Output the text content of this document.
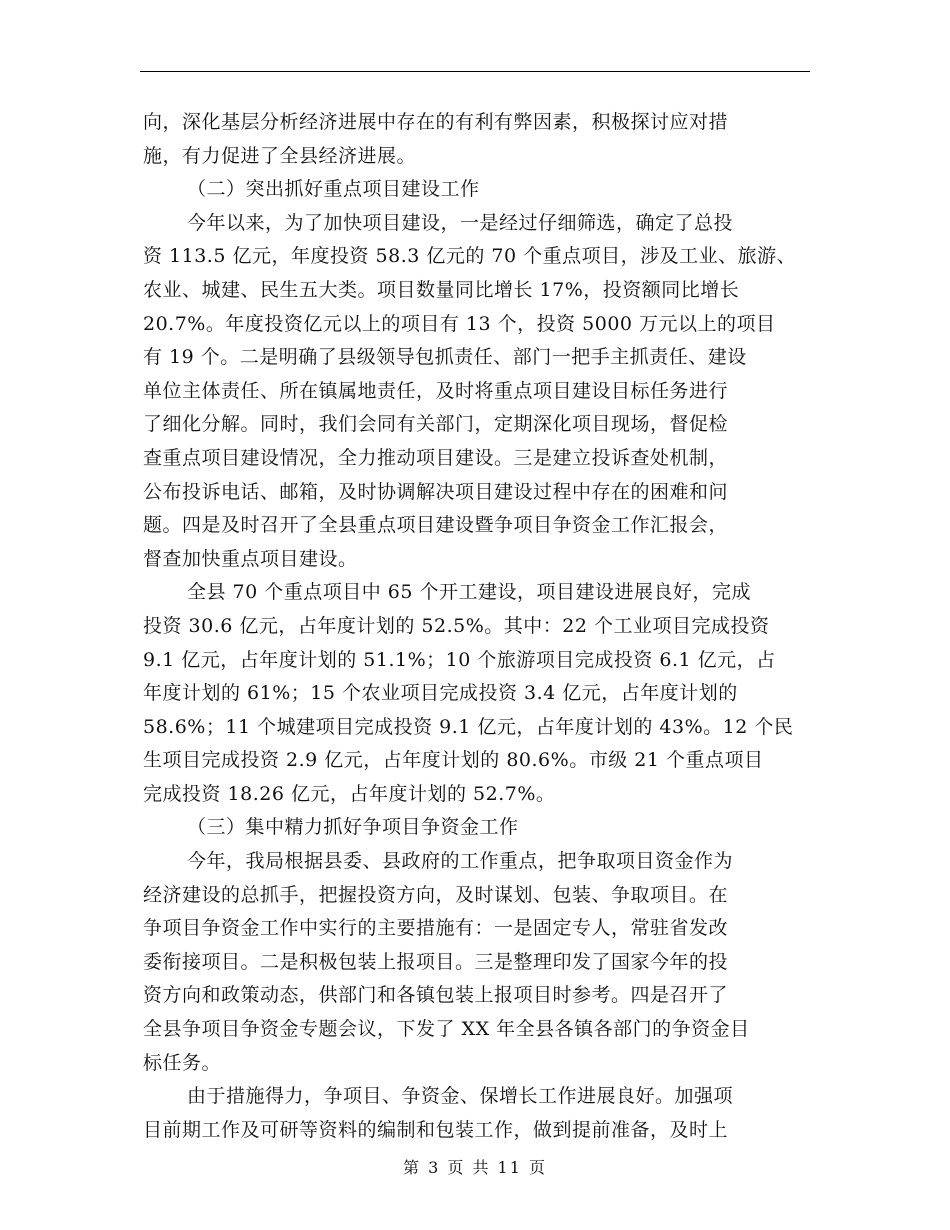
向，深化基层分析经济进展中存在的有利有弊因素，积极探讨应对措
施，有力促进了全县经济进展。
（二）突出抓好重点项目建设工作
今年以来，为了加快项目建设，一是经过仔细筛选，确定了总投
资 113.5 亿元，年度投资 58.3 亿元的 70 个重点项目，涉及工业、旅游、
农业、城建、民生五大类。项目数量同比增长 17%，投资额同比增长
20.7%。年度投资亿元以上的项目有 13 个，投资 5000 万元以上的项目
有 19 个。二是明确了县级领导包抓责任、部门一把手主抓责任、建设
单位主体责任、所在镇属地责任，及时将重点项目建设目标任务进行
了细化分解。同时，我们会同有关部门，定期深化项目现场，督促检
查重点项目建设情况，全力推动项目建设。三是建立投诉查处机制，
公布投诉电话、邮箱，及时协调解决项目建设过程中存在的困难和问
题。四是及时召开了全县重点项目建设暨争项目争资金工作汇报会，
督查加快重点项目建设。
全县 70 个重点项目中 65 个开工建设，项目建设进展良好，完成
投资 30.6 亿元，占年度计划的 52.5%。其中：22 个工业项目完成投资
9.1 亿元，占年度计划的 51.1%；10 个旅游项目完成投资 6.1 亿元，占
年度计划的 61%；15 个农业项目完成投资 3.4 亿元，占年度计划的
58.6%；11 个城建项目完成投资 9.1 亿元，占年度计划的 43%。12 个民
生项目完成投资 2.9 亿元，占年度计划的 80.6%。市级 21 个重点项目
完成投资 18.26 亿元，占年度计划的 52.7%。
（三）集中精力抓好争项目争资金工作
今年，我局根据县委、县政府的工作重点，把争取项目资金作为
经济建设的总抓手，把握投资方向，及时谋划、包装、争取项目。在
争项目争资金工作中实行的主要措施有：一是固定专人，常驻省发改
委衔接项目。二是积极包装上报项目。三是整理印发了国家今年的投
资方向和政策动态，供部门和各镇包装上报项目时参考。四是召开了
全县争项目争资金专题会议，下发了 XX 年全县各镇各部门的争资金目
标任务。
由于措施得力，争项目、争资金、保增长工作进展良好。加强项
目前期工作及可研等资料的编制和包装工作，做到提前准备，及时上
第 3 页 共 11 页
